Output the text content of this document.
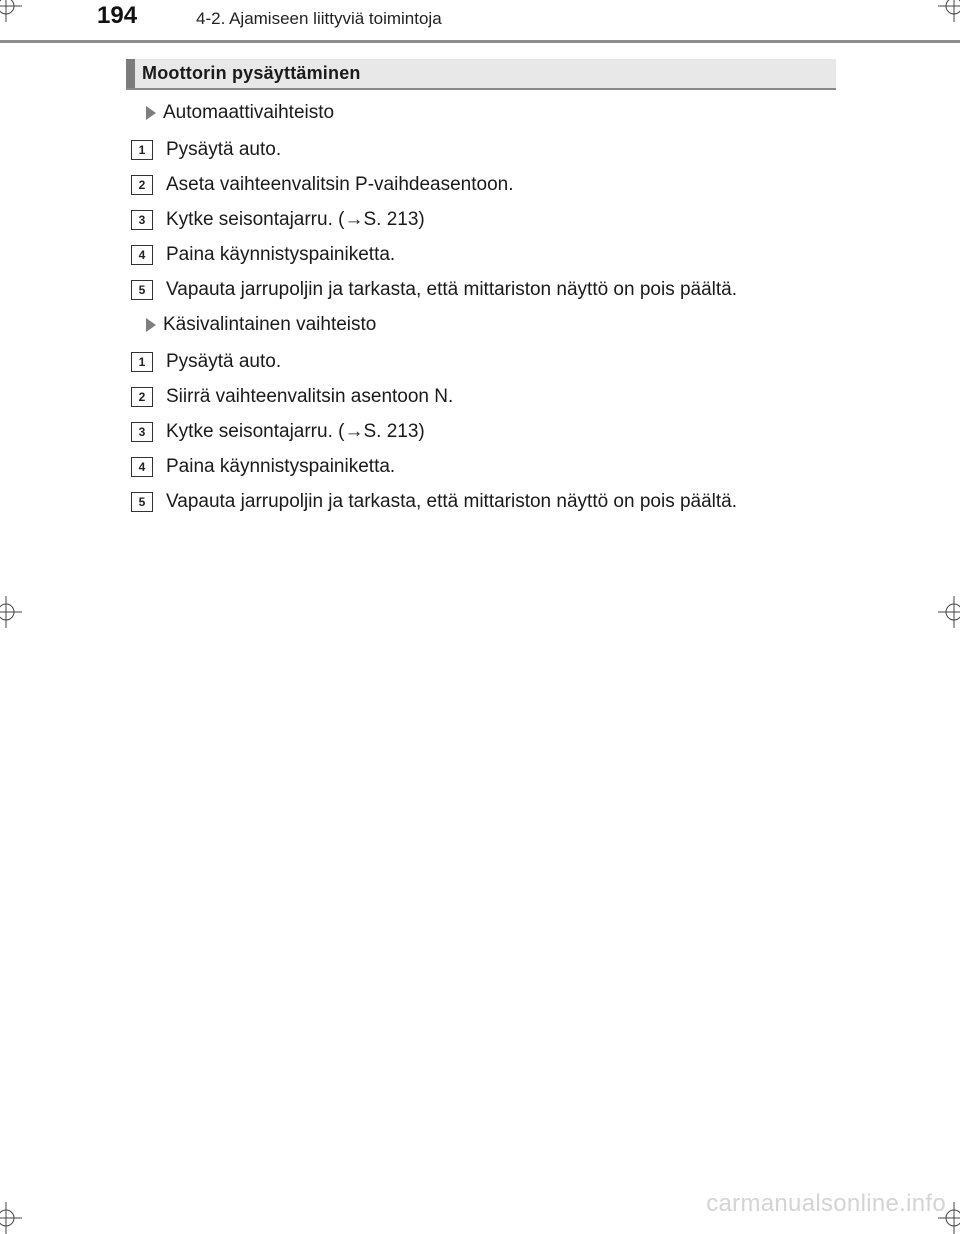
194	4-2. Ajamiseen liittyviä toimintoja
Moottorin pysäyttäminen
Automaattivaihteisto
1	Pysäytä auto.
2	Aseta vaihteenvalitsin P-vaihdeasentoon.
3	Kytke seisontajarru. (→S. 213)
4	Paina käynnistyspainiketta.
5	Vapauta jarrupoljin ja tarkasta, että mittariston näyttö on pois päältä.
Käsivalintainen vaihteisto
1	Pysäytä auto.
2	Siirrä vaihteenvalitsin asentoon N.
3	Kytke seisontajarru. (→S. 213)
4	Paina käynnistyspainiketta.
5	Vapauta jarrupoljin ja tarkasta, että mittariston näyttö on pois päältä.
carmanualsonline.info
